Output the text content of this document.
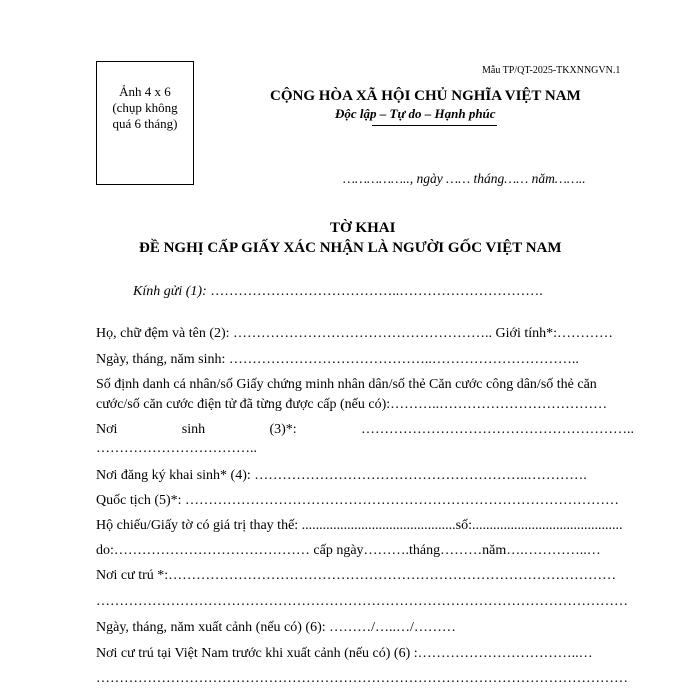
Ảnh 4 x 6
(chụp không
quá 6 tháng)
Mẫu TP/QT-2025-TKXNNGVN.1
CỘNG HÒA XÃ HỘI CHỦ NGHĨA VIỆT NAM
Độc lập – Tự do – Hạnh phúc
…………….., ngày …… tháng…… năm……..
TỜ KHAI
ĐỀ NGHỊ CẤP GIẤY XÁC NHẬN LÀ NGƯỜI GỐC VIỆT NAM
Kính gửi (1): …………………………………..………………………….
Họ, chữ đệm và tên (2): ……………………………………………….. Giới tính*:…………
Ngày, tháng, năm sinh: ……………………………………..…………………………..
Số định danh cá nhân/số Giấy chứng minh nhân dân/số thẻ Căn cước công dân/số thẻ căn
cước/số căn cước điện tử đã từng được cấp (nếu có):………..………………………………
Nơi	sinh	(3)*:	…………………………………………………..
……………………………..
Nơi đăng ký khai sinh* (4): …………………………………………………..………….
Quốc tịch (5)*: …………………………………………………………………………………
Hộ chiếu/Giấy tờ có giá trị thay thế: ............................................số:...........................................
do:…………………………………… cấp ngày……….tháng………năm….…………..…
Nơi cư trú *:……………………………………………………………………………………
……………………………………………………………………………………………………
Ngày, tháng, năm xuất cảnh (nếu có) (6): ………/…..…/………
Nơi cư trú tại Việt Nam trước khi xuất cảnh (nếu có) (6) :……………………………..…
……………………………………………………………………………………………………
